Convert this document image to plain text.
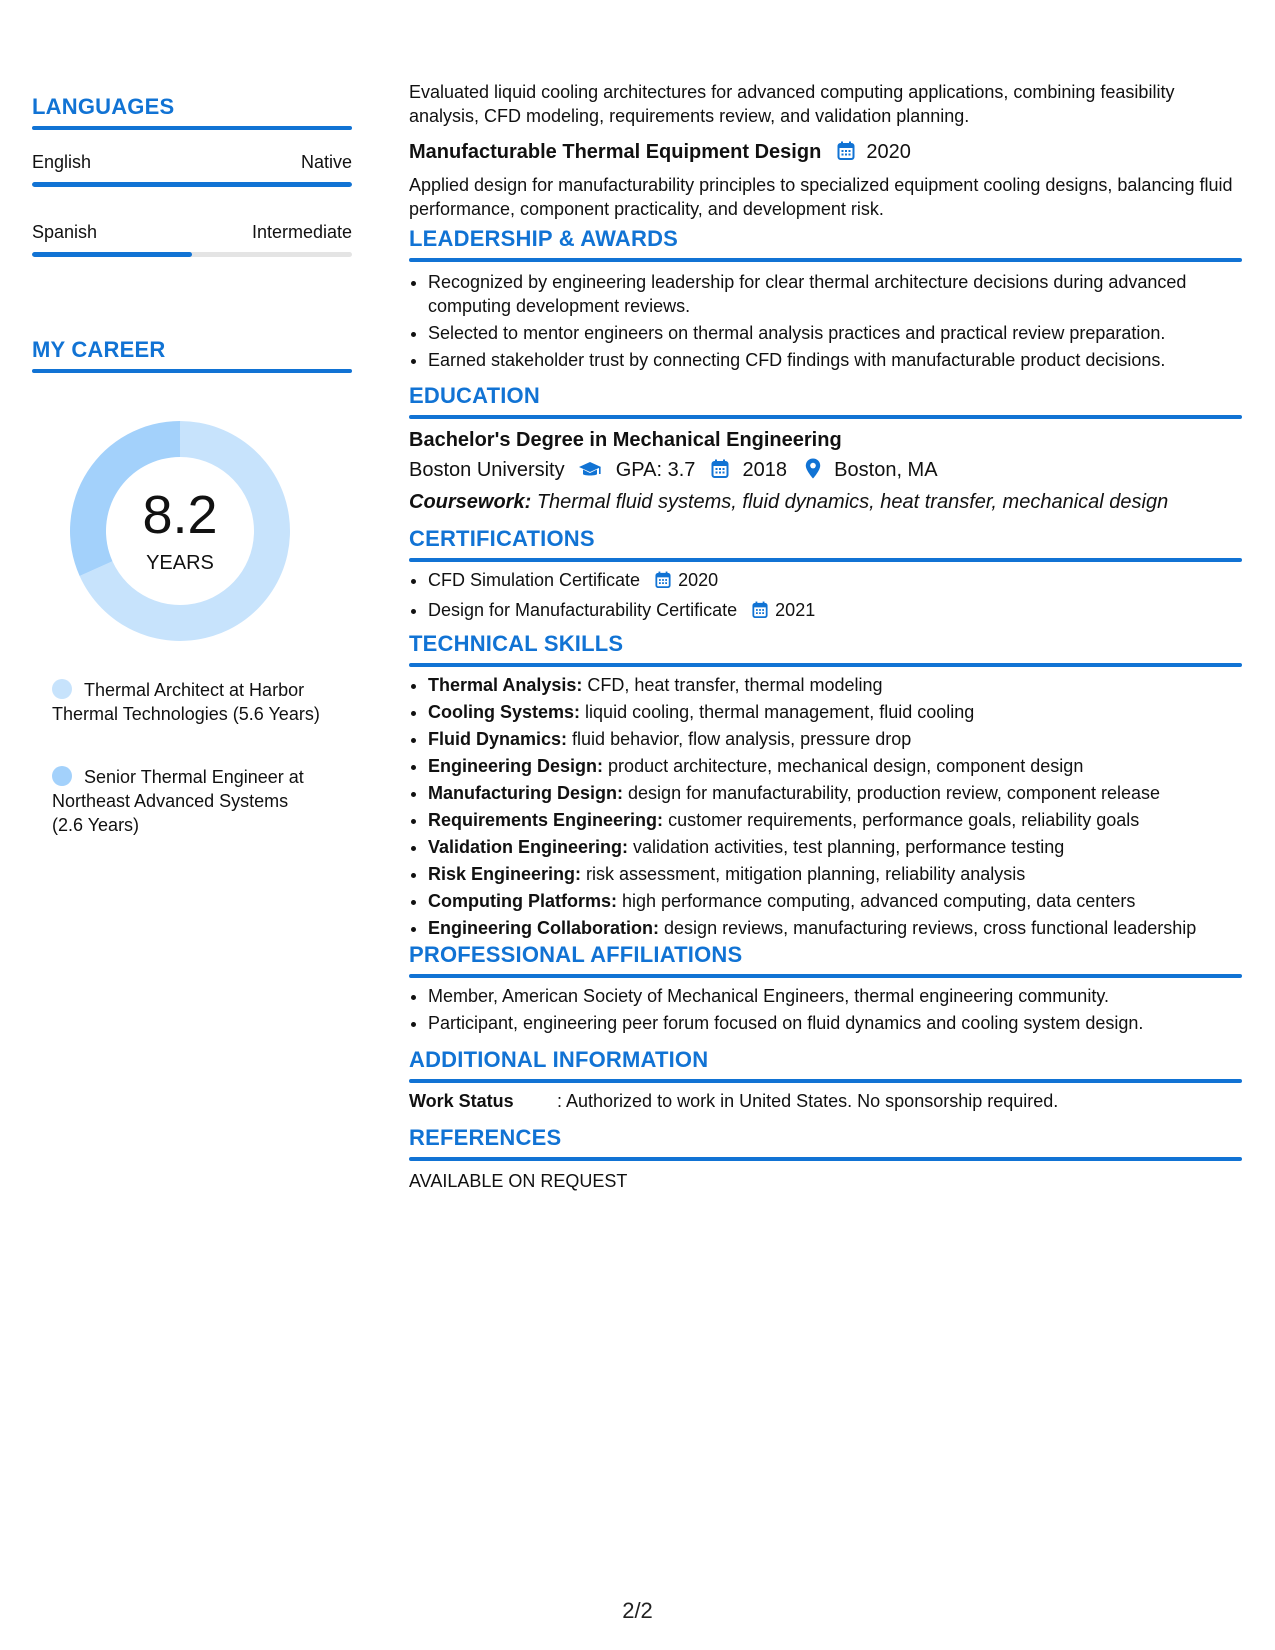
LANGUAGES
English	Native
Spanish	Intermediate
MY CAREER
8.2
YEARS
Thermal Architect at Harbor Thermal Technologies (5.6 Years)
Senior Thermal Engineer at Northeast Advanced Systems (2.6 Years)

Evaluated liquid cooling architectures for advanced computing applications, combining feasibility analysis, CFD modeling, requirements review, and validation planning.

Manufacturable Thermal Equipment Design 2020

Applied design for manufacturability principles to specialized equipment cooling designs, balancing fluid performance, component practicality, and development risk.

LEADERSHIP & AWARDS
• Recognized by engineering leadership for clear thermal architecture decisions during advanced computing development reviews.
• Selected to mentor engineers on thermal analysis practices and practical review preparation.
• Earned stakeholder trust by connecting CFD findings with manufacturable product decisions.
EDUCATION
Bachelor's Degree in Mechanical Engineering
Boston University	GPA: 3.7 2018 Boston, MA
Coursework: Thermal fluid systems, fluid dynamics, heat transfer, mechanical design
CERTIFICATIONS
• CFD Simulation Certificate 2020
• Design for Manufacturability Certificate 2021
TECHNICAL SKILLS
• Thermal Analysis: CFD, heat transfer, thermal modeling
• Cooling Systems: liquid cooling, thermal management, fluid cooling
• Fluid Dynamics: fluid behavior, flow analysis, pressure drop
• Engineering Design: product architecture, mechanical design, component design
• Manufacturing Design: design for manufacturability, production review, component release
• Requirements Engineering: customer requirements, performance goals, reliability goals
• Validation Engineering: validation activities, test planning, performance testing
• Risk Engineering: risk assessment, mitigation planning, reliability analysis
• Computing Platforms: high performance computing, advanced computing, data centers
• Engineering Collaboration: design reviews, manufacturing reviews, cross functional leadership
PROFESSIONAL AFFILIATIONS
• Member, American Society of Mechanical Engineers, thermal engineering community.
• Participant, engineering peer forum focused on fluid dynamics and cooling system design.
ADDITIONAL INFORMATION
Work Status	: Authorized to work in United States. No sponsorship required.
REFERENCES
AVAILABLE ON REQUEST
2/2
